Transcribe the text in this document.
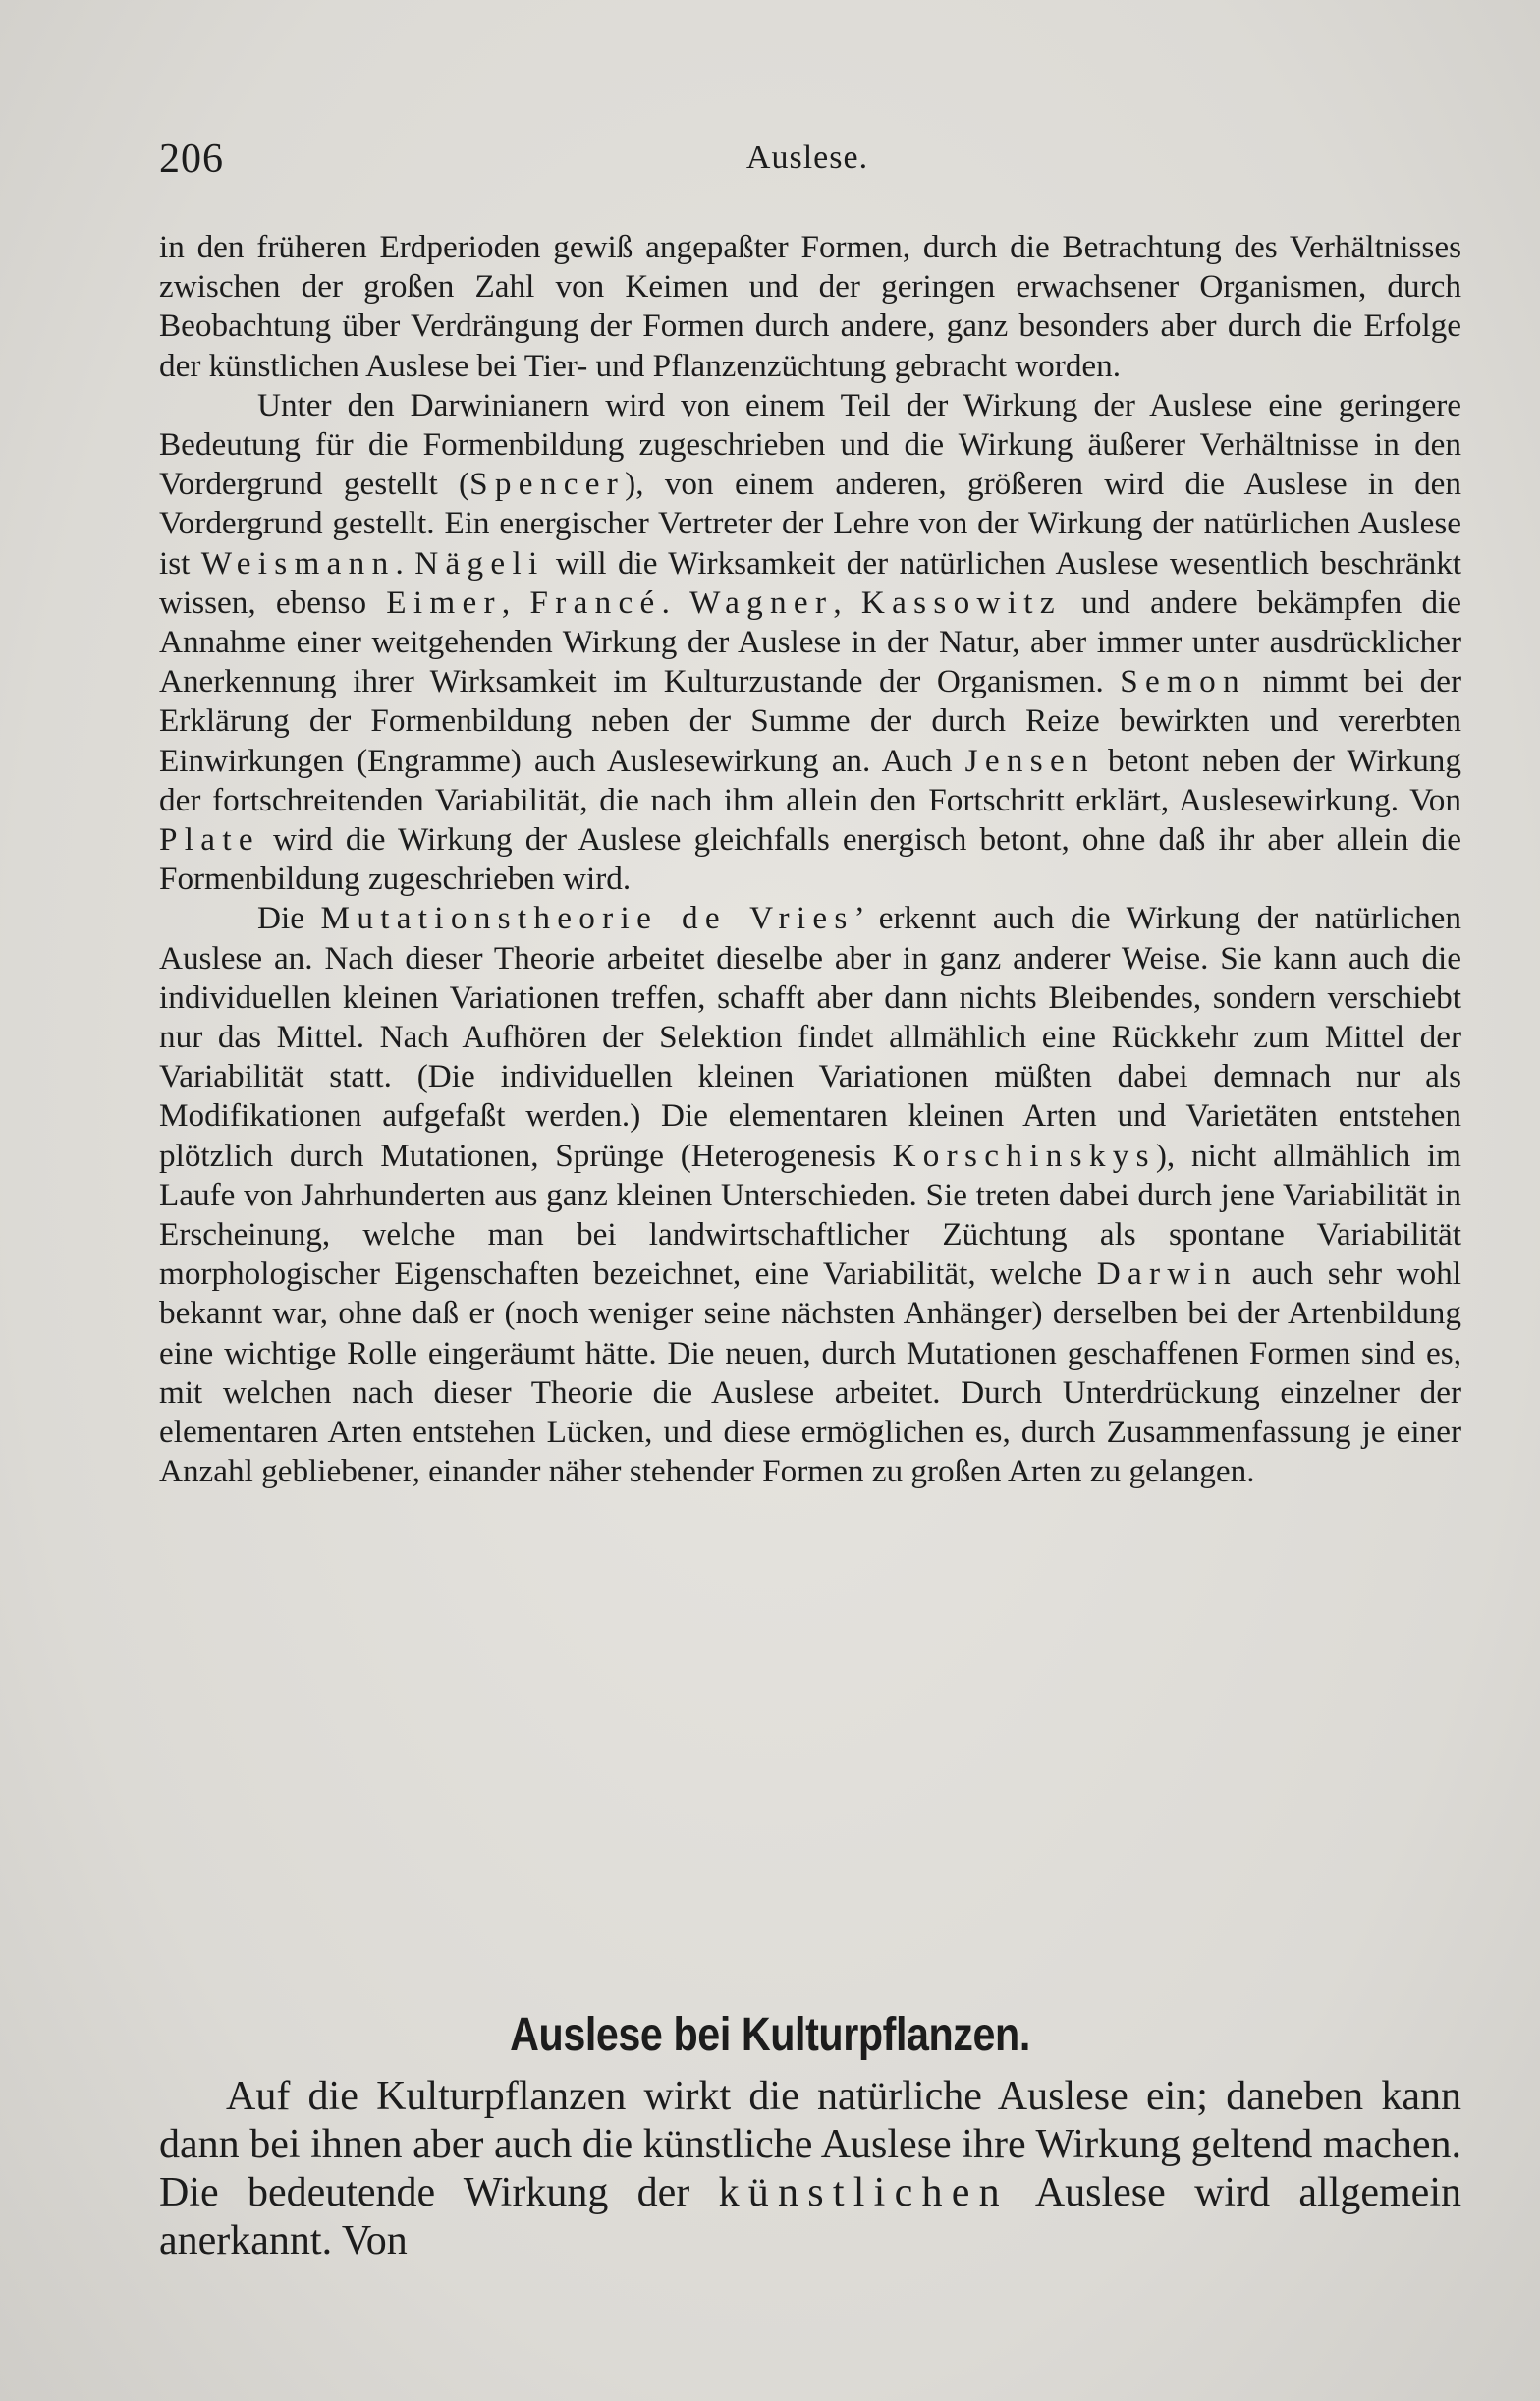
206	Auslese.

in den früheren Erdperioden gewiß angepaßter Formen, durch die Betrachtung des Verhältnisses zwischen der großen Zahl von Keimen und der geringen erwachsener Organismen, durch Beobachtung über Verdrängung der Formen durch andere, ganz besonders aber durch die Erfolge der künstlichen Auslese bei Tier- und Pflanzenzüchtung gebracht worden.

Unter den Darwinianern wird von einem Teil der Wirkung der Auslese eine geringere Bedeutung für die Formenbildung zugeschrieben und die Wirkung äußerer Verhältnisse in den Vordergrund gestellt (Spencer), von einem anderen, größeren wird die Auslese in den Vordergrund gestellt. Ein energischer Vertreter der Lehre von der Wirkung der natürlichen Auslese ist Weismann. Nägeli will die Wirksamkeit der natürlichen Auslese wesentlich beschränkt wissen, ebenso Eimer, Francé. Wagner, Kassowitz und andere bekämpfen die Annahme einer weitgehenden Wirkung der Auslese in der Natur, aber immer unter ausdrücklicher Anerkennung ihrer Wirksamkeit im Kulturzustande der Organismen. Semon nimmt bei der Erklärung der Formenbildung neben der Summe der durch Reize bewirkten und vererbten Einwirkungen (Engramme) auch Auslesewirkung an. Auch Jensen betont neben der Wirkung der fortschreitenden Variabilität, die nach ihm allein den Fortschritt erklärt, Auslesewirkung. Von Plate wird die Wirkung der Auslese gleichfalls energisch betont, ohne daß ihr aber allein die Formenbildung zugeschrieben wird.

Die Mutationstheorie de Vries’ erkennt auch die Wirkung der natürlichen Auslese an. Nach dieser Theorie arbeitet dieselbe aber in ganz anderer Weise. Sie kann auch die individuellen kleinen Variationen treffen, schafft aber dann nichts Bleibendes, sondern verschiebt nur das Mittel. Nach Aufhören der Selektion findet allmählich eine Rückkehr zum Mittel der Variabilität statt. (Die individuellen kleinen Variationen müßten dabei demnach nur als Modifikationen aufgefaßt werden.) Die elementaren kleinen Arten und Varietäten entstehen plötzlich durch Mutationen, Sprünge (Heterogenesis Korschinskys), nicht allmählich im Laufe von Jahrhunderten aus ganz kleinen Unterschieden. Sie treten dabei durch jene Variabilität in Erscheinung, welche man bei landwirtschaftlicher Züchtung als spontane Variabilität morphologischer Eigenschaften bezeichnet, eine Variabilität, welche Darwin auch sehr wohl bekannt war, ohne daß er (noch weniger seine nächsten Anhänger) derselben bei der Artenbildung eine wichtige Rolle eingeräumt hätte. Die neuen, durch Mutationen geschaffenen Formen sind es, mit welchen nach dieser Theorie die Auslese arbeitet. Durch Unterdrückung einzelner der elementaren Arten entstehen Lücken, und diese ermöglichen es, durch Zusammenfassung je einer Anzahl gebliebener, einander näher stehender Formen zu großen Arten zu gelangen.

Auslese bei Kulturpflanzen.

Auf die Kulturpflanzen wirkt die natürliche Auslese ein; daneben kann dann bei ihnen aber auch die künstliche Auslese ihre Wirkung geltend machen. Die bedeutende Wirkung der künstlichen Auslese wird allgemein anerkannt. Von
